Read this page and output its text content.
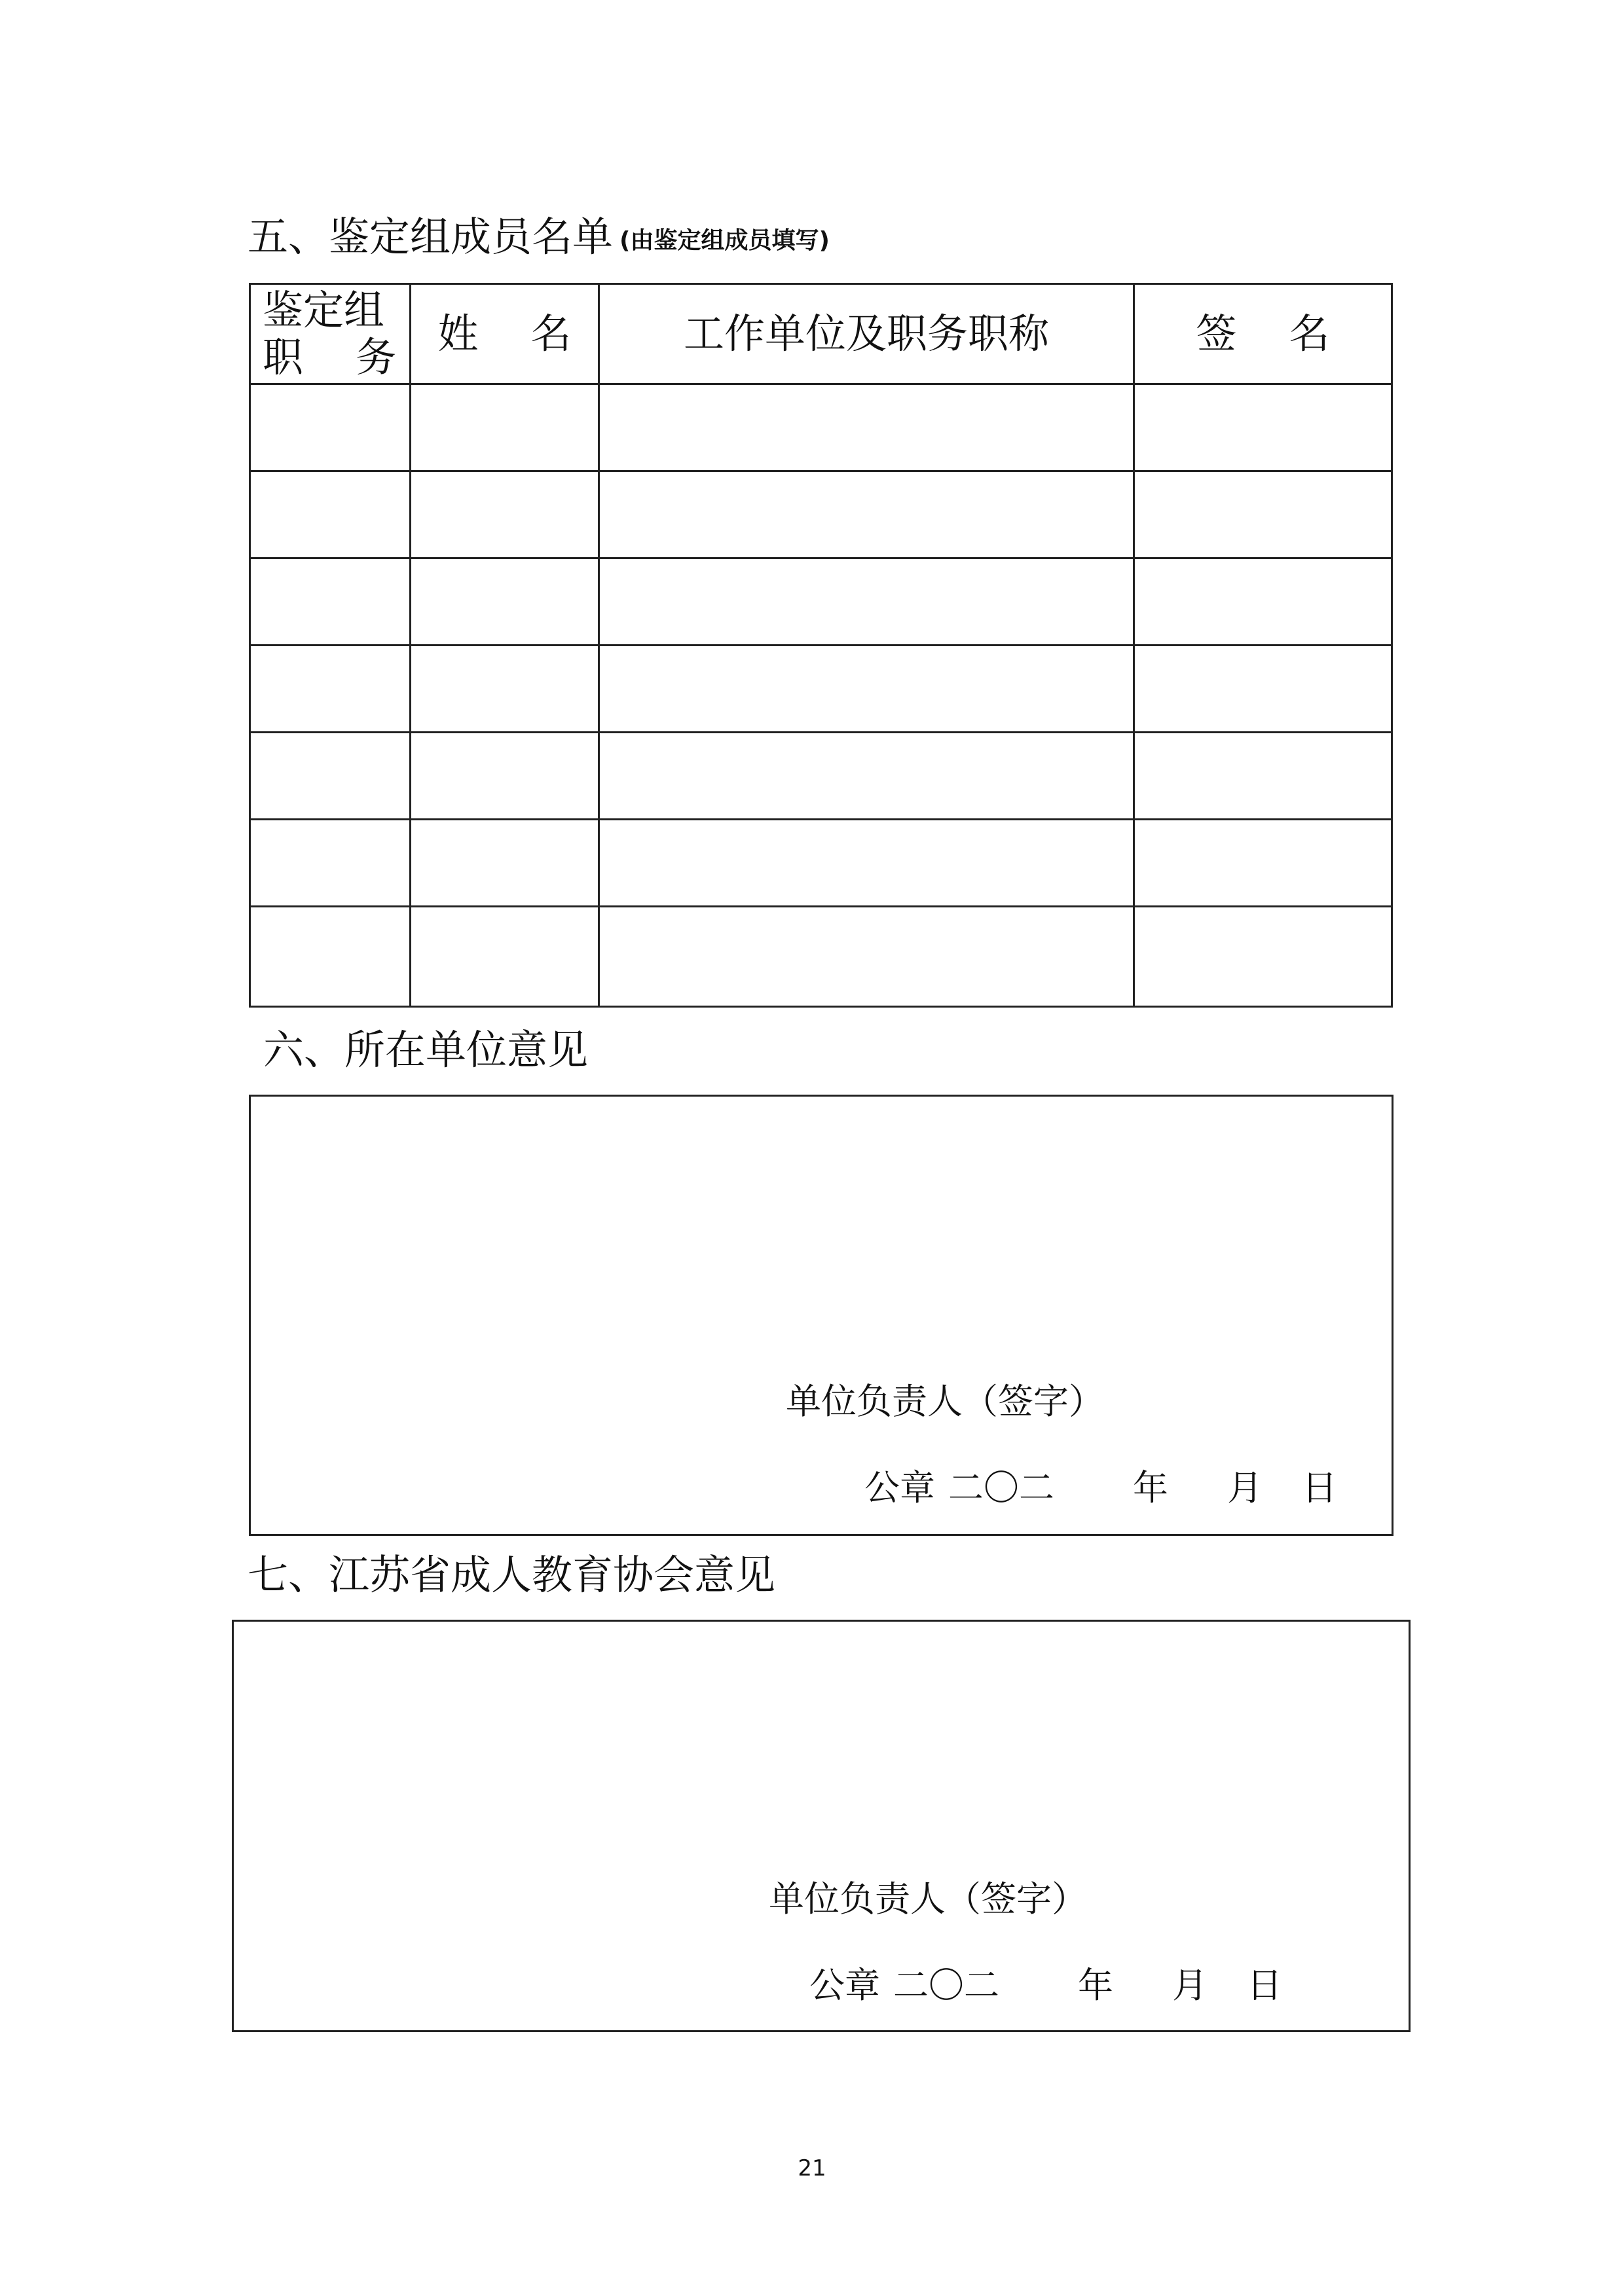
五、鉴定组成员名单 (由鉴定组成员填写)
鉴定组
职 务	姓 名	工作单位及职务职称	签 名

六、所在单位意见
单位负责人（签字）
公章 二〇二 年 月 日
七、江苏省成人教育协会意见
单位负责人（签字）
公章 二〇二 年 月 日
21
